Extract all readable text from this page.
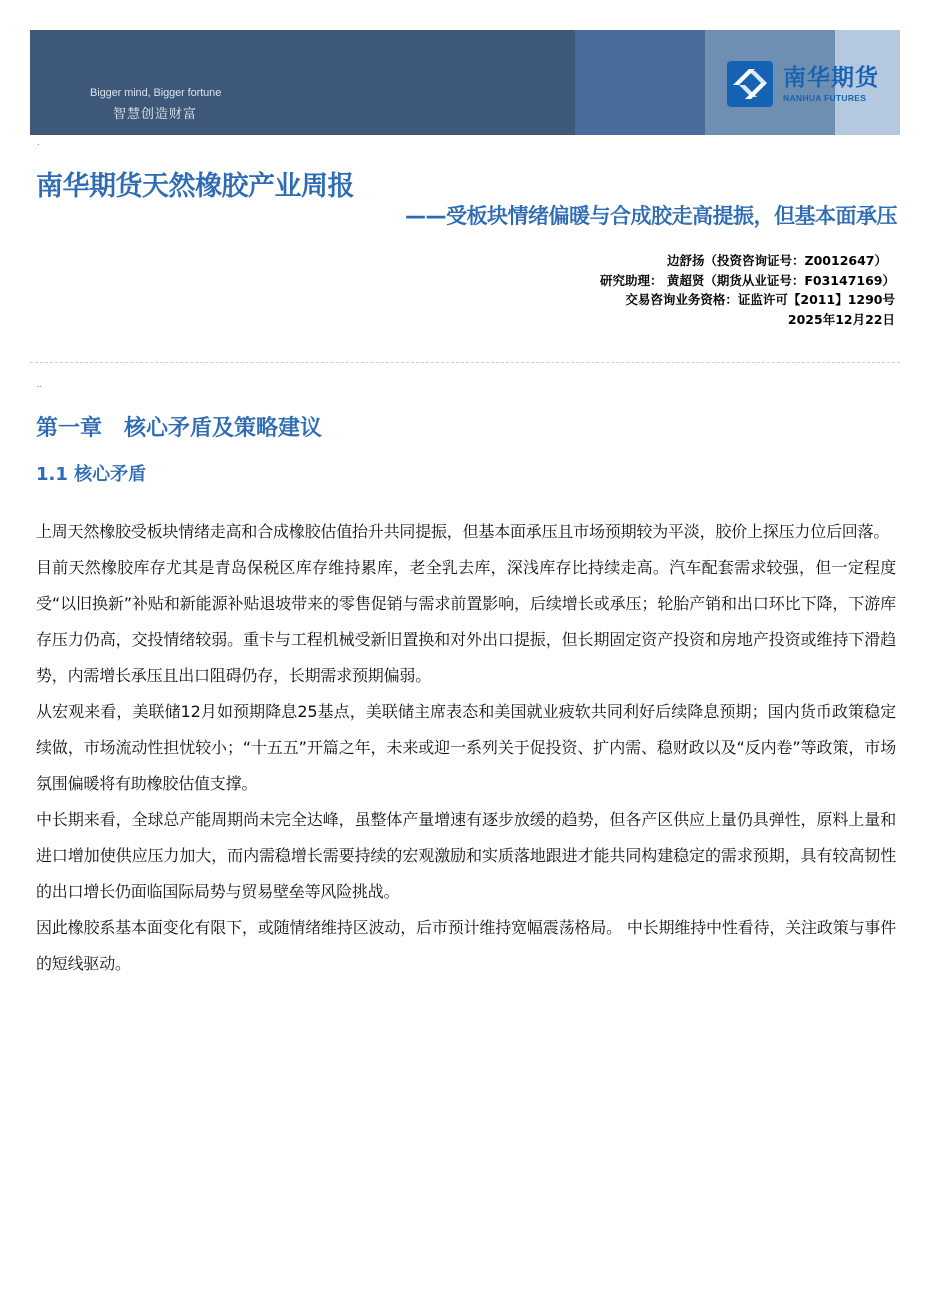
Bigger mind, Bigger fortune
智慧创造财富
南华期货
NANHUA FUTURES
.
南华期货天然橡胶产业周报
——受板块情绪偏暖与合成胶走高提振，但基本面承压
边舒扬（投资咨询证号：Z0012647）
研究助理： 黄超贤（期货从业证号：F03147169）
交易咨询业务资格：证监许可【2011】1290号
2025年12月22日
..
第一章 核心矛盾及策略建议
1.1 核心矛盾

上周天然橡胶受板块情绪走高和合成橡胶估值抬升共同提振，但基本面承压且市场预期较为平淡，胶价上探压力位后回落。

目前天然橡胶库存尤其是青岛保税区库存维持累库，老全乳去库，深浅库存比持续走高。汽车配套需求较强，但一定程度受“以旧换新”补贴和新能源补贴退坡带来的零售促销与需求前置影响，后续增长或承压；轮胎产销和出口环比下降，下游库存压力仍高，交投情绪较弱。重卡与工程机械受新旧置换和对外出口提振，但长期固定资产投资和房地产投资或维持下滑趋势，内需增长承压且出口阻碍仍存，长期需求预期偏弱。

从宏观来看，美联储12月如预期降息25基点，美联储主席表态和美国就业疲软共同利好后续降息预期；国内货币政策稳定续做，市场流动性担忧较小；“十五五”开篇之年，未来或迎一系列关于促投资、扩内需、稳财政以及“反内卷”等政策，市场氛围偏暖将有助橡胶估值支撑。

中长期来看，全球总产能周期尚未完全达峰，虽整体产量增速有逐步放缓的趋势，但各产区供应上量仍具弹性，原料上量和进口增加使供应压力加大，而内需稳增长需要持续的宏观激励和实质落地跟进才能共同构建稳定的需求预期，具有较高韧性的出口增长仍面临国际局势与贸易壁垒等风险挑战。

因此橡胶系基本面变化有限下，或随情绪维持区波动，后市预计维持宽幅震荡格局。 中长期维持中性看待，关注政策与事件的短线驱动。
